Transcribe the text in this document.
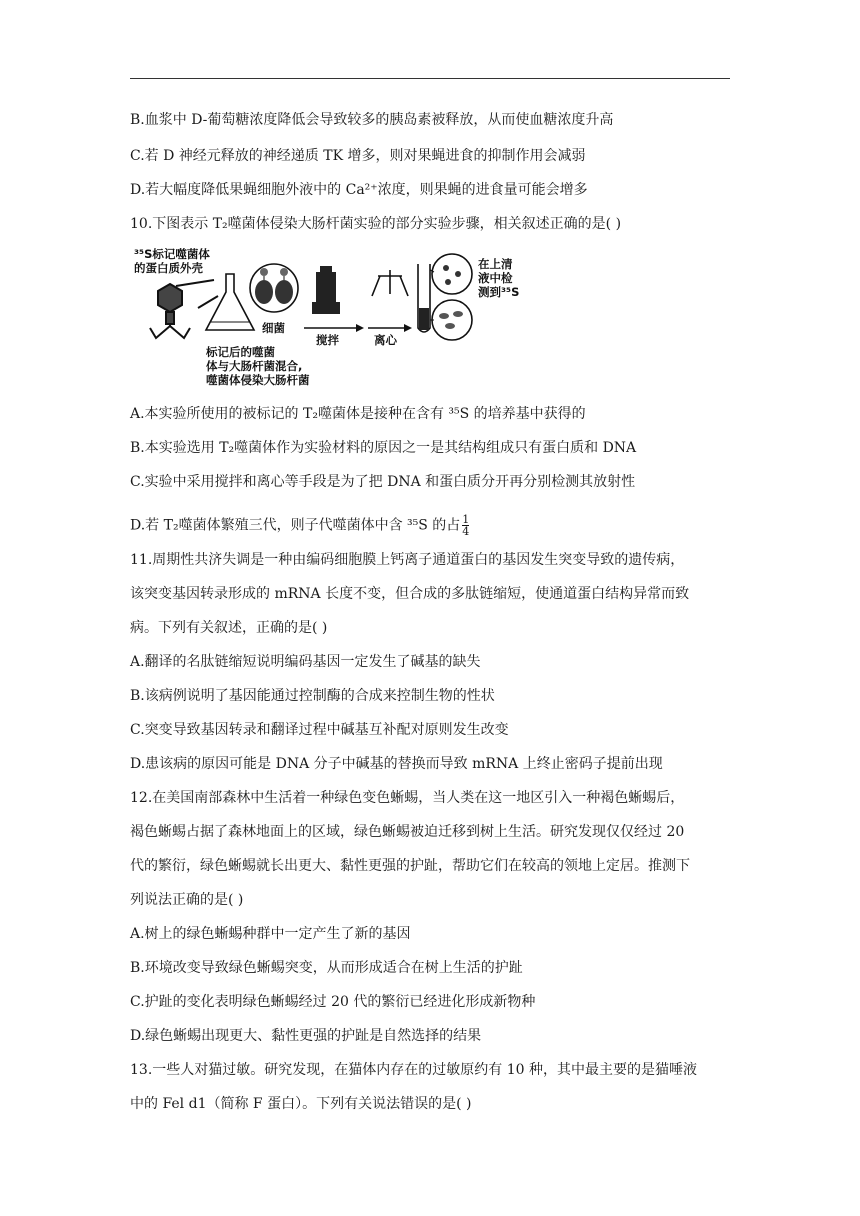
B.血浆中 D-葡萄糖浓度降低会导致较多的胰岛素被释放，从而使血糖浓度升高
C.若 D 神经元释放的神经递质 TK 增多，则对果蝇进食的抑制作用会减弱
D.若大幅度降低果蝇细胞外液中的 Ca²⁺浓度，则果蝇的进食量可能会增多
10.下图表示 T₂噬菌体侵染大肠杆菌实验的部分实验步骤，相关叙述正确的是( )
³⁵S标记噬菌体
的蛋白质外壳
细菌
搅拌	离心
在上清
液中检
测到³⁵S
标记后的噬菌
体与大肠杆菌混合,
噬菌体侵染大肠杆菌
A.本实验所使用的被标记的 T₂噬菌体是接种在含有 ³⁵S 的培养基中获得的
B.本实验选用 T₂噬菌体作为实验材料的原因之一是其结构组成只有蛋白质和 DNA
C.实验中采用搅拌和离心等手段是为了把 DNA 和蛋白质分开再分别检测其放射性
D.若 T₂噬菌体繁殖三代，则子代噬菌体中含 ³⁵S 的占 $\frac{1}{4}$
11.周期性共济失调是一种由编码细胞膜上钙离子通道蛋白的基因发生突变导致的遗传病，
该突变基因转录形成的 mRNA 长度不变，但合成的多肽链缩短，使通道蛋白结构异常而致
病。下列有关叙述，正确的是( )
A.翻译的名肽链缩短说明编码基因一定发生了碱基的缺失
B.该病例说明了基因能通过控制酶的合成来控制生物的性状
C.突变导致基因转录和翻译过程中碱基互补配对原则发生改变
D.患该病的原因可能是 DNA 分子中碱基的替换而导致 mRNA 上终止密码子提前出现
12.在美国南部森林中生活着一种绿色变色蜥蜴，当人类在这一地区引入一种褐色蜥蜴后，
褐色蜥蜴占据了森林地面上的区域，绿色蜥蜴被迫迁移到树上生活。研究发现仅仅经过 20
代的繁衍，绿色蜥蜴就长出更大、黏性更强的护趾，帮助它们在较高的领地上定居。推测下
列说法正确的是( )
A.树上的绿色蜥蜴种群中一定产生了新的基因
B.环境改变导致绿色蜥蜴突变，从而形成适合在树上生活的护趾
C.护趾的变化表明绿色蜥蜴经过 20 代的繁衍已经进化形成新物种
D.绿色蜥蜴出现更大、黏性更强的护趾是自然选择的结果
13.一些人对猫过敏。研究发现，在猫体内存在的过敏原约有 10 种，其中最主要的是猫唾液
中的 Fel d1（简称 F 蛋白）。下列有关说法错误的是( )
